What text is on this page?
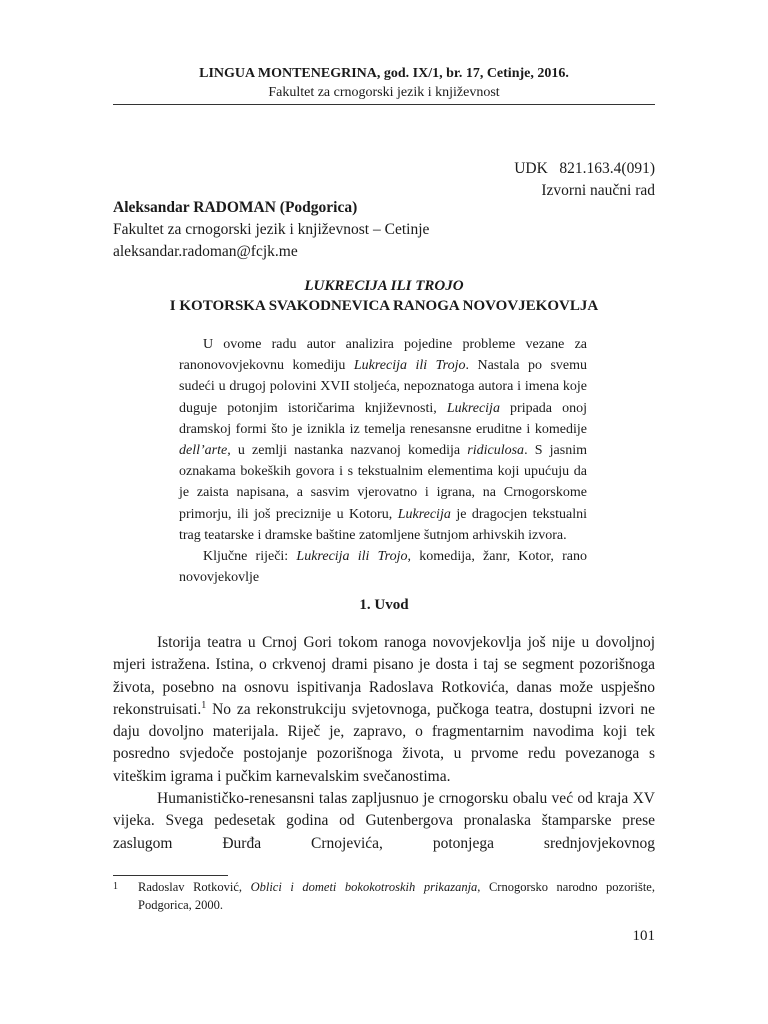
LINGUA MONTENEGRINA, god. IX/1, br. 17, Cetinje, 2016.
Fakultet za crnogorski jezik i književnost
UDK   821.163.4(091)
Izvorni naučni rad
Aleksandar RADOMAN (Podgorica)
Fakultet za crnogorski jezik i književnost – Cetinje
aleksandar.radoman@fcjk.me
LUKRECIJA ILI TROJO
I KOTORSKA SVAKODNEVICA RANOGA NOVOVJEKOVLJA

U ovome radu autor analizira pojedine probleme vezane za ranonovovjekovnu komediju Lukrecija ili Trojo. Nastala po svemu sudeći u drugoj polovini XVII stoljeća, nepoznatoga autora i imena koje duguje potonjim istoričarima književnosti, Lukrecija pripada onoj dramskoj formi što je iznikla iz temelja renesansne eruditne i komedije dell’arte, u zemlji nastanka nazvanoj komedija ridiculosa. S jasnim oznakama bokeških govora i s tekstualnim elementima koji upućuju da je zaista napisana, a sasvim vjerovatno i igrana, na Crnogorskome primorju, ili još preciznije u Kotoru, Lukrecija je dragocjen tekstualni trag teatarske i dramske baštine zatomljene šutnjom arhivskih izvora.

Ključne riječi: Lukrecija ili Trojo, komedija, žanr, Kotor, rano novovjekovlje

1. Uvod

Istorija teatra u Crnoj Gori tokom ranoga novovjekovlja još nije u dovoljnoj mjeri istražena. Istina, o crkvenoj drami pisano je dosta i taj se segment pozorišnoga života, posebno na osnovu ispitivanja Radoslava Rotkovića, danas može uspješno rekonstruisati.$^1$ No za rekonstrukciju svjetovnoga, pučkoga teatra, dostupni izvori ne daju dovoljno materijala. Riječ je, zapravo, o fragmentarnim navodima koji tek posredno svjedoče postojanje pozorišnoga života, u prvome redu povezanoga s viteškim igrama i pučkim karnevalskim svečanostima.

Humanističko-renesansni talas zapljusnuo je crnogorsku obalu već od kraja XV vijeka. Svega pedesetak godina od Gutenbergova pronalaska štamparske prese zaslugom Đurđa Crnojevića, potonjega srednjovjekovnog

1 Radoslav Rotković, Oblici i dometi bokokotroskih prikazanja, Crnogorsko narodno pozorište, Podgorica, 2000.
101
